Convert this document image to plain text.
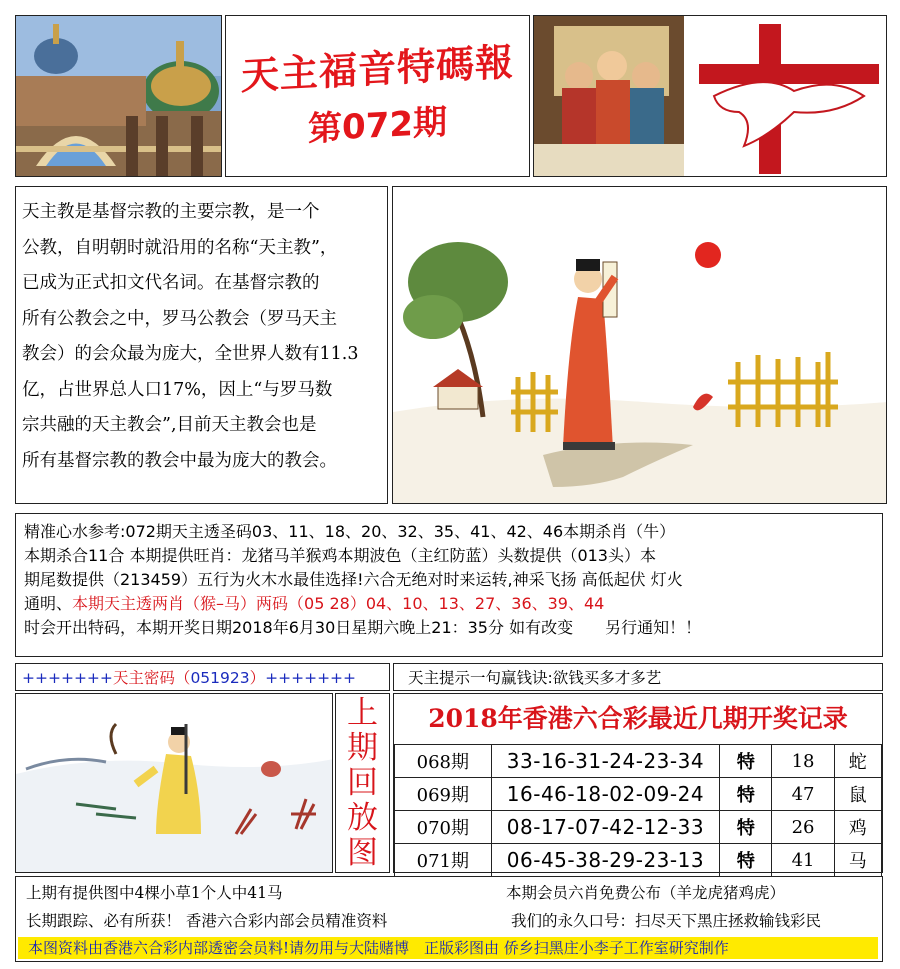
天主福音特碼報
第072期
天主教是基督宗教的主要宗教，是一个
公教，自明朝时就沿用的名称“天主教”，
已成为正式扣文代名词。在基督宗教的
所有公教会之中，罗马公教会（罗马天主
教会）的会众最为庞大，全世界人数有11.3
亿，占世界总人口17%，因上“与罗马数
宗共融的天主教会”,目前天主教会也是
所有基督宗教的教会中最为庞大的教会。
精准心水参考:072期天主透圣码03、11、18、20、32、35、41、42、46本期杀肖（牛）
本期杀合11合 本期提供旺肖：龙猪马羊猴鸡本期波色（主红防蓝）头数提供（013头）本
期尾数提供（213459）五行为火木水最佳选择!六合无绝对时来运转,神采飞扬 高低起伏 灯火
通明、本期天主透两肖（猴–马）两码（05 28）04、10、13、27、36、39、44
时会开出特码，本期开奖日期2018年6月30日星期六晚上21：35分 如有改变　　另行通知！！
+++++++天主密码（051923）+++++++	天主提示一句赢钱诀:欲钱买多才多艺
上
期
回
放
图
2018年香港六合彩最近几期开奖记录
068期	33-16-31-24-23-34	特	18	蛇
069期	16-46-18-02-09-24	特	47	鼠
070期	08-17-07-42-12-33	特	26	鸡
071期	06-45-38-29-23-13	特	41	马
上期有提供图中4棵小草1个人中41马	本期会员六肖免费公布（羊龙虎猪鸡虎）
长期跟踪、必有所获！ 香港六合彩内部会员精准资料	我们的永久口号：扫尽天下黑庄拯救输钱彩民
本图资料由香港六合彩内部透密会员料!请勿用与大陆赌博　正版彩图由 侨乡扫黑庄小李子工作室研究制作
